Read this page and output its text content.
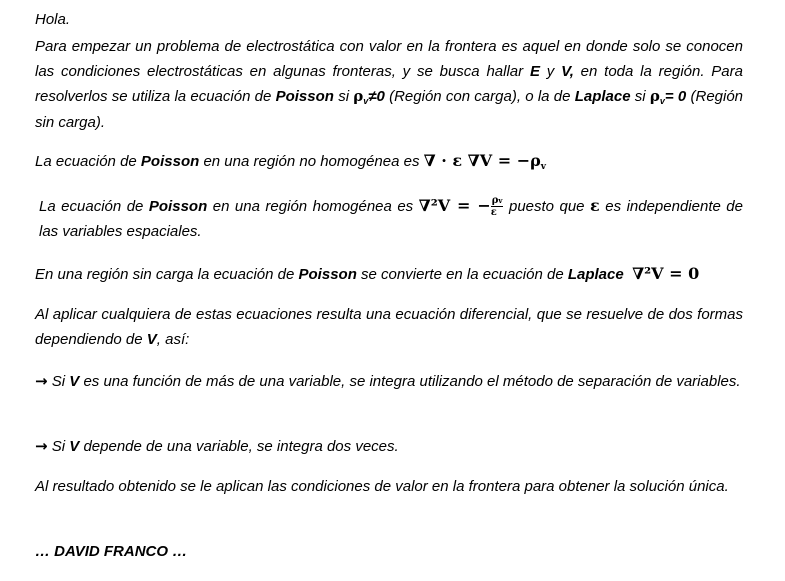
Hola.

Para empezar un problema de electrostática con valor en la frontera es aquel en donde solo se conocen las condiciones electrostáticas en algunas fronteras, y se busca hallar E y V, en toda la región. Para resolverlos se utiliza la ecuación de Poisson si $\rho_v\ne 0$ (Región con carga), o la de Laplace si $\rho_v= 0$ (Región sin carga).

La ecuación de Poisson en una región no homogénea es ∇ · ε ∇V = −ρv

La ecuación de Poisson en una región homogénea es ∇²V = − $\frac{\rho v}{\varepsilon}$ puesto que ε es independiente de las variables espaciales.

En una región sin carga la ecuación de Poisson se convierte en la ecuación de Laplace ∇²V = 0

Al aplicar cualquiera de estas ecuaciones resulta una ecuación diferencial, que se resuelve de dos formas dependiendo de V, así:

→ Si V es una función de más de una variable, se integra utilizando el método de separación de variables.

→ Si V depende de una variable, se integra dos veces.

Al resultado obtenido se le aplican las condiciones de valor en la frontera para obtener la solución única.

… DAVID FRANCO …
